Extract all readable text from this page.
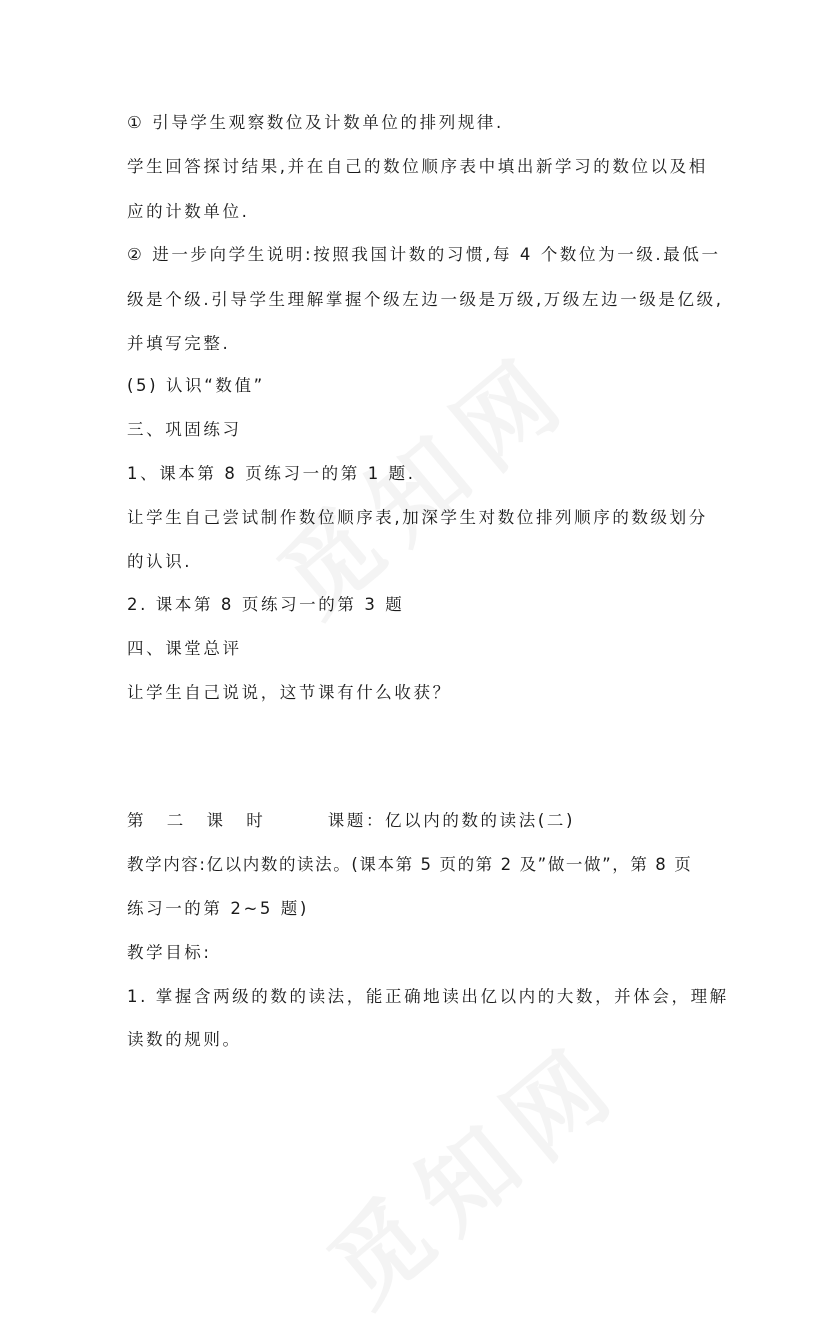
① 引导学生观察数位及计数单位的排列规律.
学生回答探讨结果,并在自己的数位顺序表中填出新学习的数位以及相
应的计数单位.
② 进一步向学生说明:按照我国计数的习惯,每 4 个数位为一级.最低一
级是个级.引导学生理解掌握个级左边一级是万级,万级左边一级是亿级,
并填写完整.
(5) 认识“数值”
三、巩固练习
1、课本第 8 页练习一的第 1 题.
让学生自己尝试制作数位顺序表,加深学生对数位排列顺序的数级划分
的认识.
2. 课本第 8 页练习一的第 3 题
四、课堂总评
让学生自己说说，这节课有什么收获？
第 二 课 时	课题：亿以内的数的读法(二)
教学内容:亿以内数的读法。(课本第 5 页的第 2 及”做一做”，第 8 页
练习一的第 2~5 题)
教学目标:
1. 掌握含两级的数的读法，能正确地读出亿以内的大数，并体会，理解
读数的规则。
